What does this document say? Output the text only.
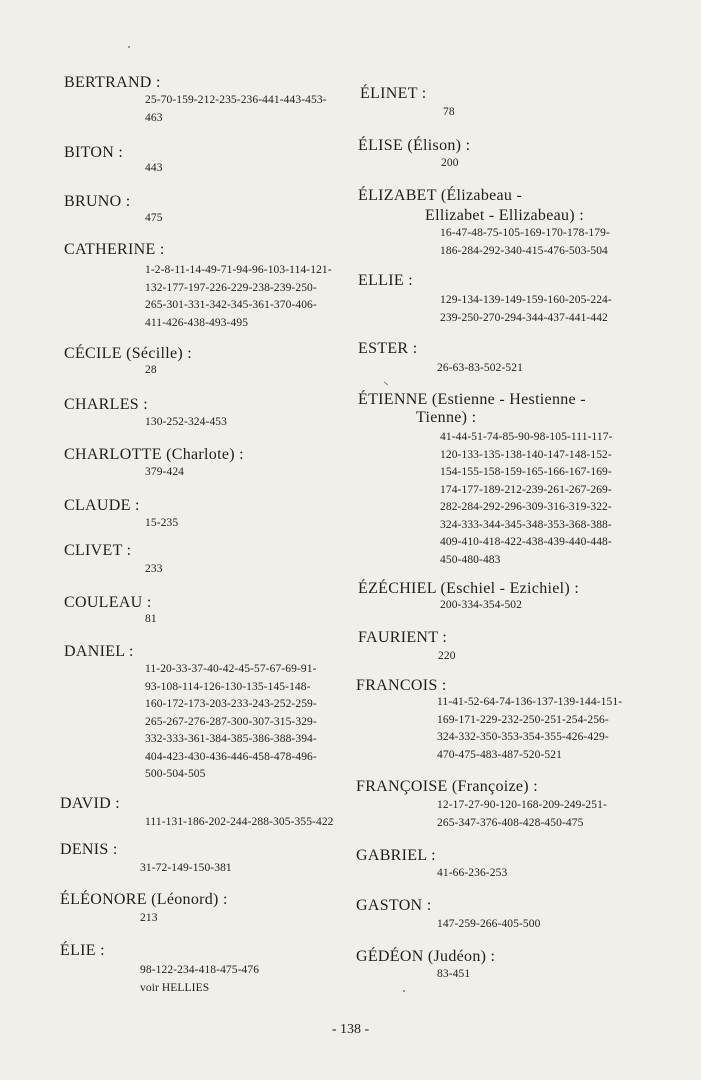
BERTRAND :
25-70-159-212-235-236-441-443-453-
463
BITON :
443
BRUNO :
475
CATHERINE :
1-2-8-11-14-49-71-94-96-103-114-121-
132-177-197-226-229-238-239-250-
265-301-331-342-345-361-370-406-
411-426-438-493-495
CÉCILE (Sécille) :
28
CHARLES :
130-252-324-453
CHARLOTTE (Charlote) :
379-424
CLAUDE :
15-235
CLIVET :
233
COULEAU :
81
DANIEL :
11-20-33-37-40-42-45-57-67-69-91-
93-108-114-126-130-135-145-148-
160-172-173-203-233-243-252-259-
265-267-276-287-300-307-315-329-
332-333-361-384-385-386-388-394-
404-423-430-436-446-458-478-496-
500-504-505
DAVID :
111-131-186-202-244-288-305-355-422
DENIS :
31-72-149-150-381
ÉLÉONORE (Léonord) :
213
ÉLIE :
98-122-234-418-475-476
voir HELLIES
ÉLINET :
78
ÉLISE (Élison) :
200
ÉLIZABET (Élizabeau -
Ellizabet - Ellizabeau) :
16-47-48-75-105-169-170-178-179-
186-284-292-340-415-476-503-504
ELLIE :
129-134-139-149-159-160-205-224-
239-250-270-294-344-437-441-442
ESTER :
26-63-83-502-521
ÉTIENNE (Estienne - Hestienne -
Tienne) :
41-44-51-74-85-90-98-105-111-117-
120-133-135-138-140-147-148-152-
154-155-158-159-165-166-167-169-
174-177-189-212-239-261-267-269-
282-284-292-296-309-316-319-322-
324-333-344-345-348-353-368-388-
409-410-418-422-438-439-440-448-
450-480-483
ÉZÉCHIEL (Eschiel - Ezichiel) :
200-334-354-502
FAURIENT :
220
FRANCOIS :
11-41-52-64-74-136-137-139-144-151-
169-171-229-232-250-251-254-256-
324-332-350-353-354-355-426-429-
470-475-483-487-520-521
FRANÇOISE (Françoize) :
12-17-27-90-120-168-209-249-251-
265-347-376-408-428-450-475
GABRIEL :
41-66-236-253
GASTON :
147-259-266-405-500
GÉDÉON (Judéon) :
83-451
- 138 -
